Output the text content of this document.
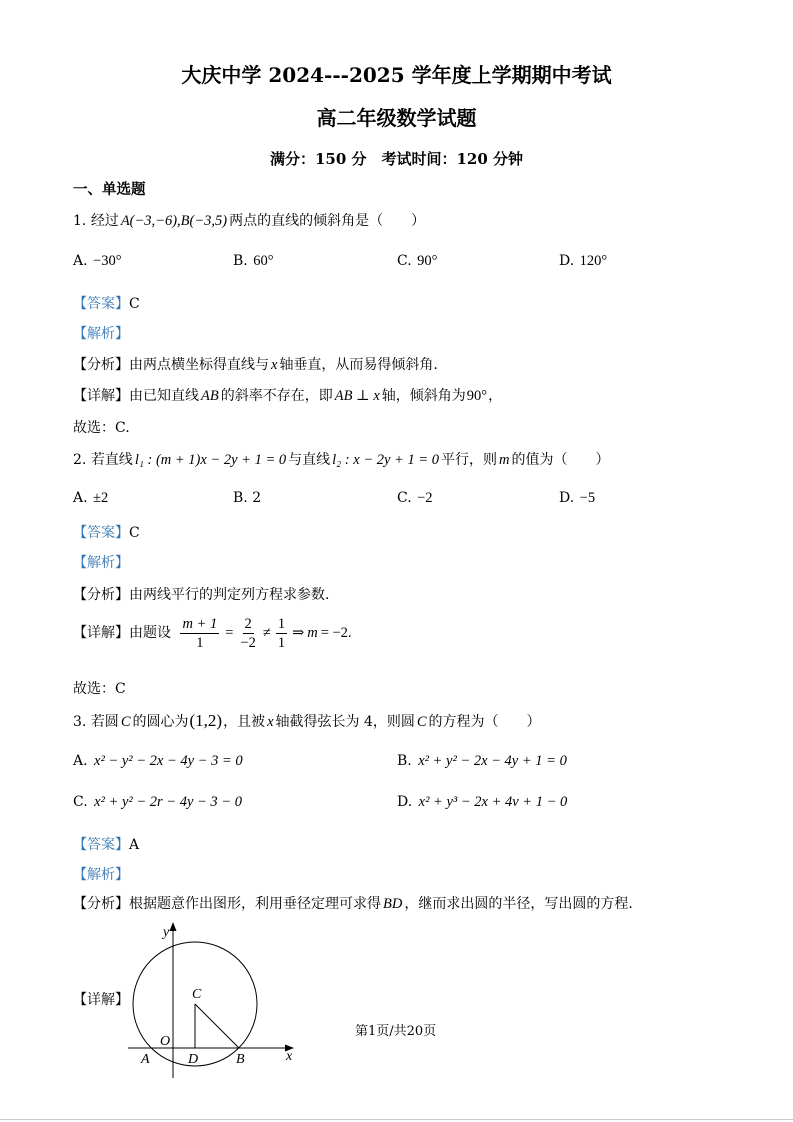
大庆中学 2024---2025 学年度上学期期中考试
高二年级数学试题
满分：150 分　考试时间：120 分钟
一、单选题
1. 经过 A(−3,−6),B(−3,5) 两点的直线的倾斜角是（　　）
A. −30°	B. 60°	C. 90°	D. 120°
【答案】C
【解析】
【分析】由两点横坐标得直线与 x 轴垂直，从而易得倾斜角.
【详解】由已知直线 AB 的斜率不存在，即 AB ⊥ x 轴，倾斜角为90°，
故选：C.
2. 若直线 l₁ : (m + 1)x − 2y + 1 = 0 与直线 l₂ : x − 2y + 1 = 0 平行，则 m 的值为（　　）
A. ±2	B. 2	C. −2	D. −5
【答案】C
【解析】
【分析】由两线平行的判定列方程求参数.
【详解】由题设 $\frac{m + 1}{1} = \frac{2}{-2} \ne \frac{1}{1}$ ⇒ m = −2.
故选：C
3. 若圆 C 的圆心为(1,2)，且被 x 轴截得弦长为 4，则圆 C 的方程为（　　）
A. x² − y² − 2x − 4y − 3 = 0	B. x² + y² − 2x − 4y + 1 = 0
C. x² + y² − 2r − 4y − 3 − 0	D. x² + y³ − 2x + 4v + 1 − 0
【答案】A
【解析】
【分析】根据题意作出图形，利用垂径定理可求得 BD ，继而求出圆的半径，写出圆的方程.
【详解】
y
x
C
O
A	D	B
第1页/共20页
